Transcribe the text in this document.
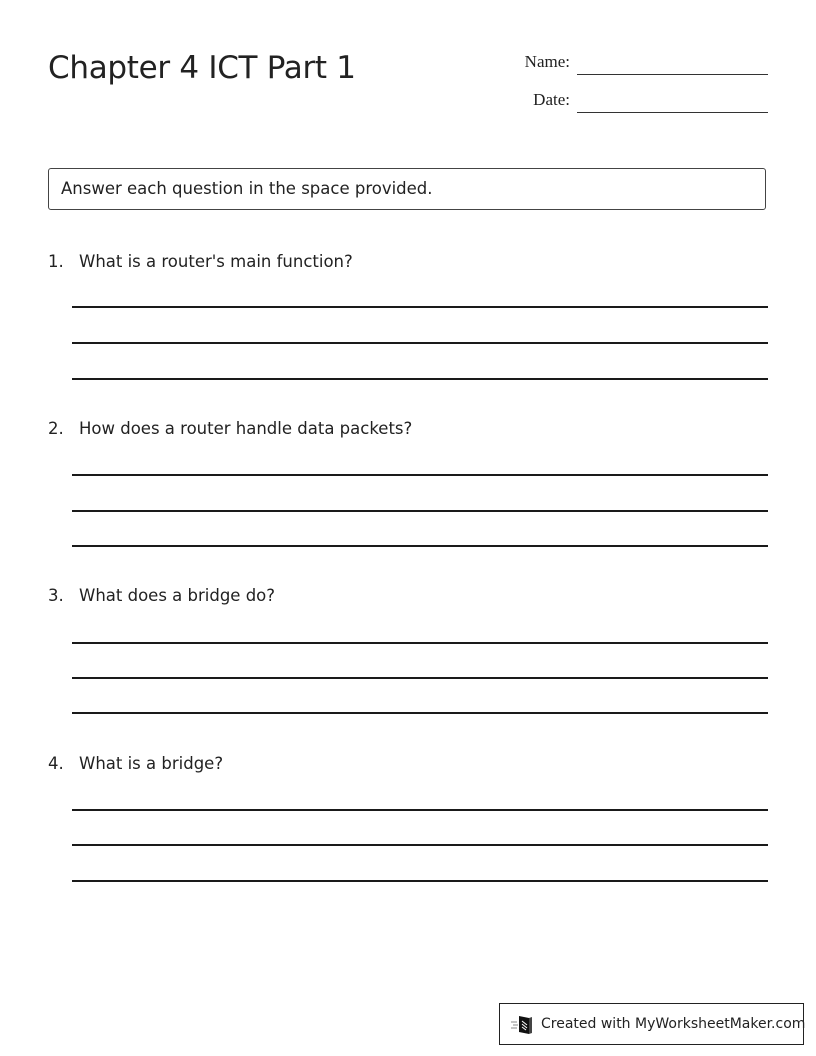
Chapter 4 ICT Part 1	Name:
Date:
Answer each question in the space provided.
1. What is a router's main function?
2. How does a router handle data packets?
3. What does a bridge do?
4. What is a bridge?
Created with MyWorksheetMaker.com
